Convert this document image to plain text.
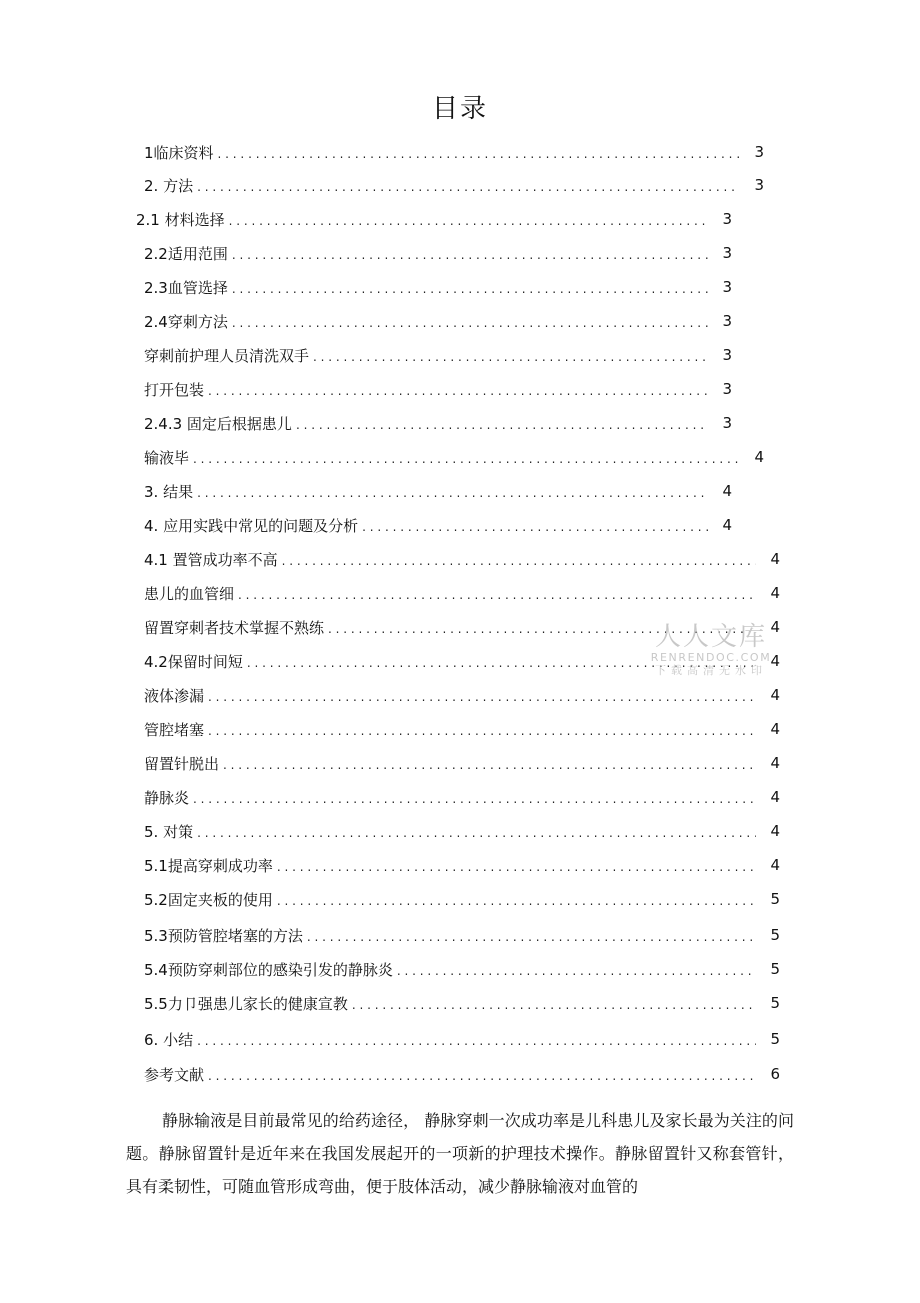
目录
1临床资料 . . .	3
2. 方法 . . .	3
2.1 材料选择 . . .	3
2.2适用范围 . . .	3
2.3血管选择 . . .	3
2.4穿刺方法 . . .	3
穿刺前护理人员清洗双手 . . .	3
打开包装 . . .	3
2.4.3 固定后根据患儿 . . .	3
输液毕 . . .	4
3. 结果 . . .	4
4. 应用实践中常见的问题及分析 . . .	4
4.1 置管成功率不高 . . .	4
患儿的血管细 . . .	4
留置穿刺者技术掌握不熟练 . . .	4
4.2保留时间短 . . .	4
液体渗漏 . . .	4
管腔堵塞 . . .	4
留置针脱出 . . .	4
静脉炎 . . .	4
5. 对策 . . .	4
5.1提高穿刺成功率 . . .	4
5.2固定夹板的使用 . . .	5
5.3预防管腔堵塞的方法 . . .	5
5.4预防穿刺部位的感染引发的静脉炎 . . .	5
5.5力卩强患儿家长的健康宣教 . . .	5
6. 小结 . . .	5
参考文献 . . .	6
人人文库
RENRENDOC.COM
下载高清无水印

静脉输液是目前最常见的给药途径， 静脉穿刺一次成功率是儿科患儿及家长最为关注的问题。静脉留置针是近年来在我国发展起开的一项新的护理技术操作。静脉留置针又称套管针，具有柔韧性，可随血管形成弯曲，便于肢体活动，减少静脉输液对血管的
